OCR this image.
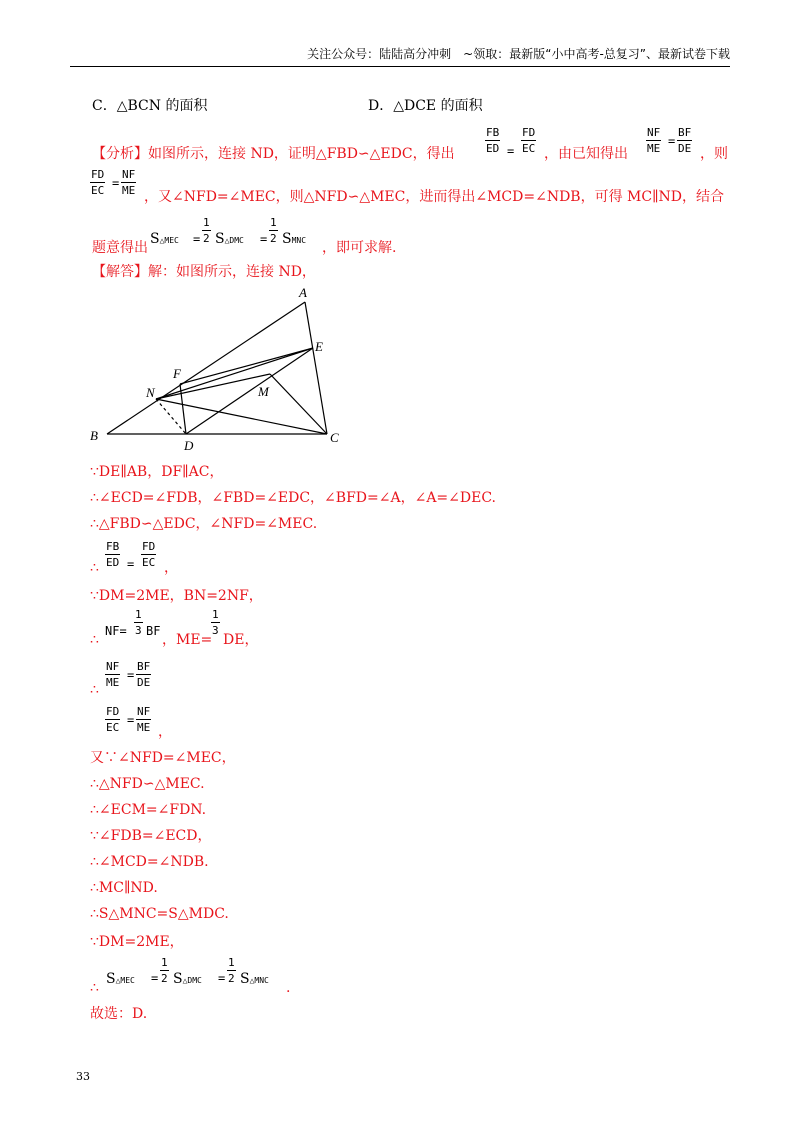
关注公众号：陆陆高分冲刺　~领取：最新版“小中高考-总复习”、最新试卷下载
C．△BCN 的面积	D．△DCE 的面积
【分析】如图所示，连接 ND，证明△FBD∽△EDC，得出
FB
ED =
FD
EC ，由已知得出
NF
ME
=
BF
DE ，则
FD
EC
=
NF
ME ，又∠NFD=∠MEC，则△NFD∽△MEC，进而得出∠MCD=∠NDB，可得 MC∥ND，结合
题意得出
S△MEC =
1
2 S△DMC =
1
2 SMNC ，即可求解.
【解答】解：如图所示，连接 ND，
A
B	C
D
E
F
M
N
∵DE∥AB，DF∥AC，
∴∠ECD=∠FDB，∠FBD=∠EDC，∠BFD=∠A，∠A=∠DEC.
∴△FBD∽△EDC，∠NFD=∠MEC.
∴
FB
ED =
FD
EC ，
∵DM=2ME，BN=2NF，
∴
NF=
1
3 BF
，ME=
1
3
DE，
∴
NF
ME
=
BF
DE
FD
EC
=
NF
ME ，
又∵∠NFD=∠MEC，
∴△NFD∽△MEC.
∴∠ECM=∠FDN.
∵∠FDB=∠ECD，
∴∠MCD=∠NDB.
∴MC∥ND.
∴S△MNC=S△MDC.
∵DM=2ME，
∴
S△MEC =
1
2 S△DMC =
1
2 S△MNC .
故选：D.
33
